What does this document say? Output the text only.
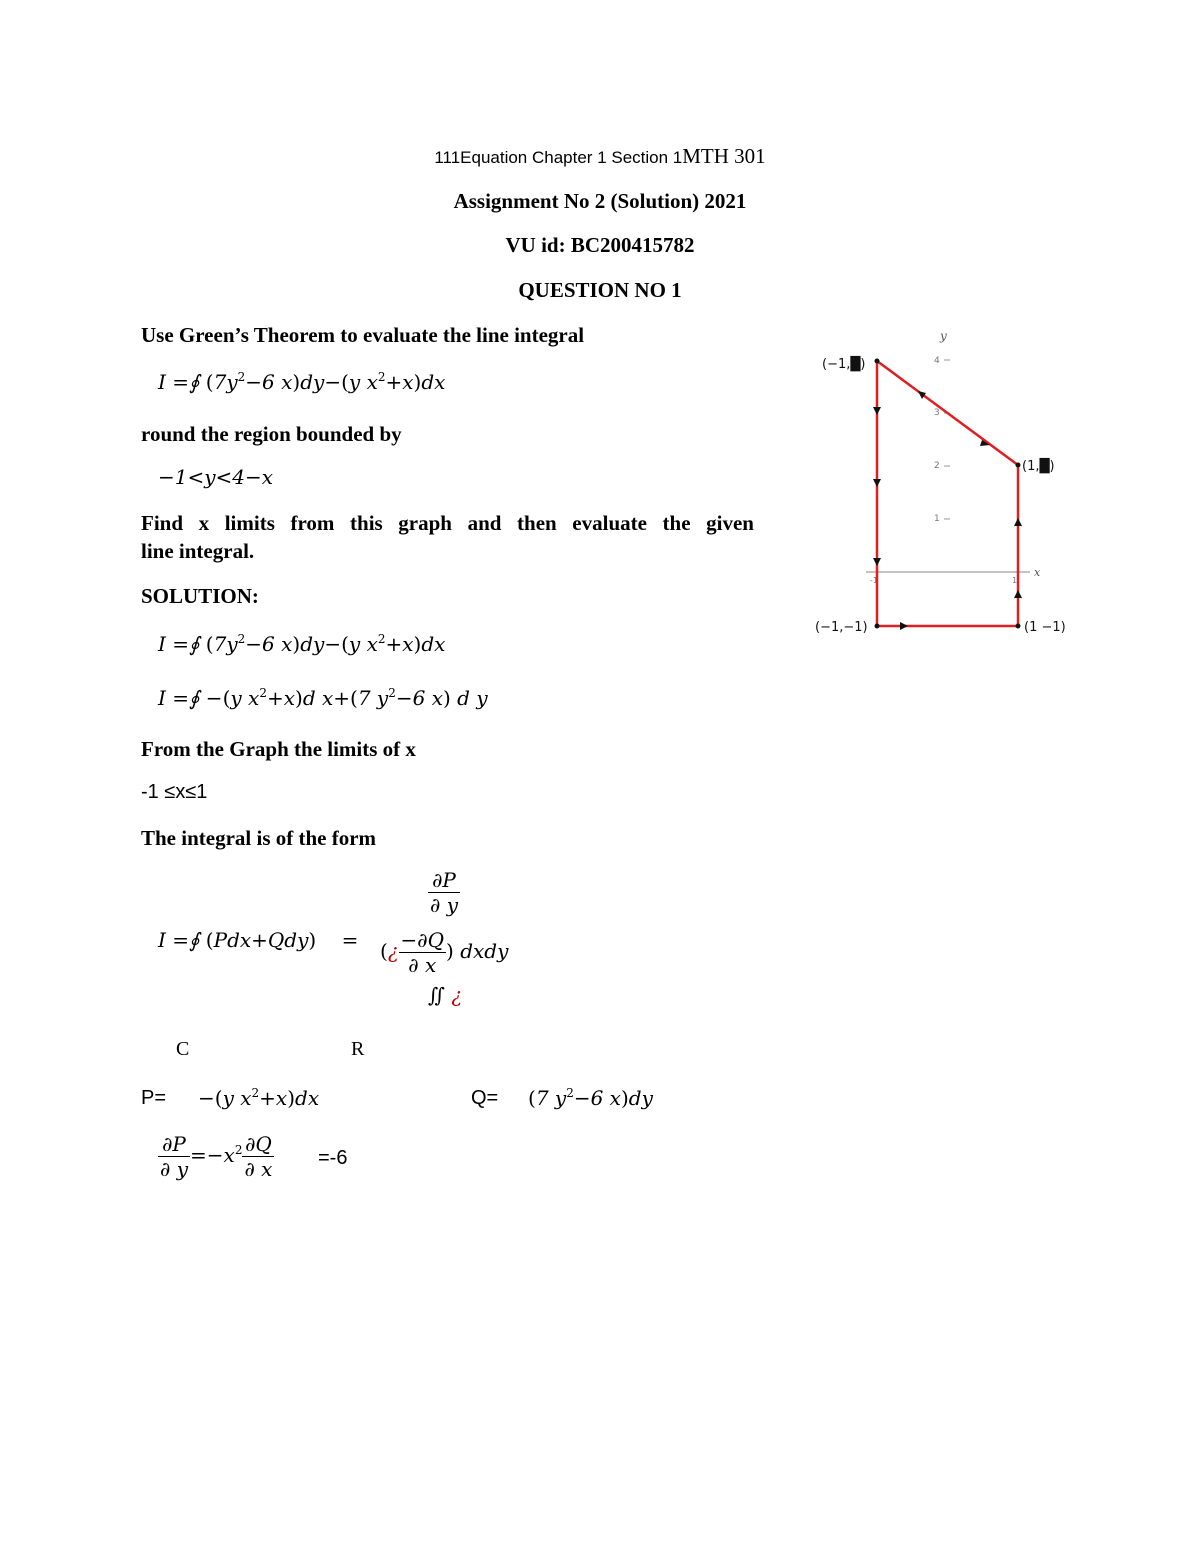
111Equation Chapter 1 Section 1MTH 301
Assignment No 2 (Solution) 2021
VU id: BC200415782
QUESTION NO 1
Use Green’s Theorem to evaluate the line integral
I =∮ ($7y^2-6$ x)dy−(y $x^2+x)dx$
round the region bounded by
−1<y<4−x
Find x limits from this graph and then evaluate the given
line integral.
SOLUTION:
I =∮ ($7y^2-6$ x)dy−(y $x^2+x)dx$
I =∮ −(y $x^2+x)d$ x+(7 $y^2-6$ x) d y
From the Graph the limits of x
-1 ≤x≤1
The integral is of the form
I =∮ (Pdx+Qdy) =
$\frac{\partial P}{\partial y}$
(¿ $\frac{-\partial Q}{\partial x}$ ) dxdy
∬ ¿
C	R
P= −(y $x^2+x)dx$	Q= (7 $y^2-6$ x)dy
$\frac{\partial P}{\partial y} =-x^2 \frac{\partial Q}{\partial x} =-6$
y
4
3
2
1
x
-1	1
(−1,█)
(1,█)
(−1,−1)	(1 −1)
